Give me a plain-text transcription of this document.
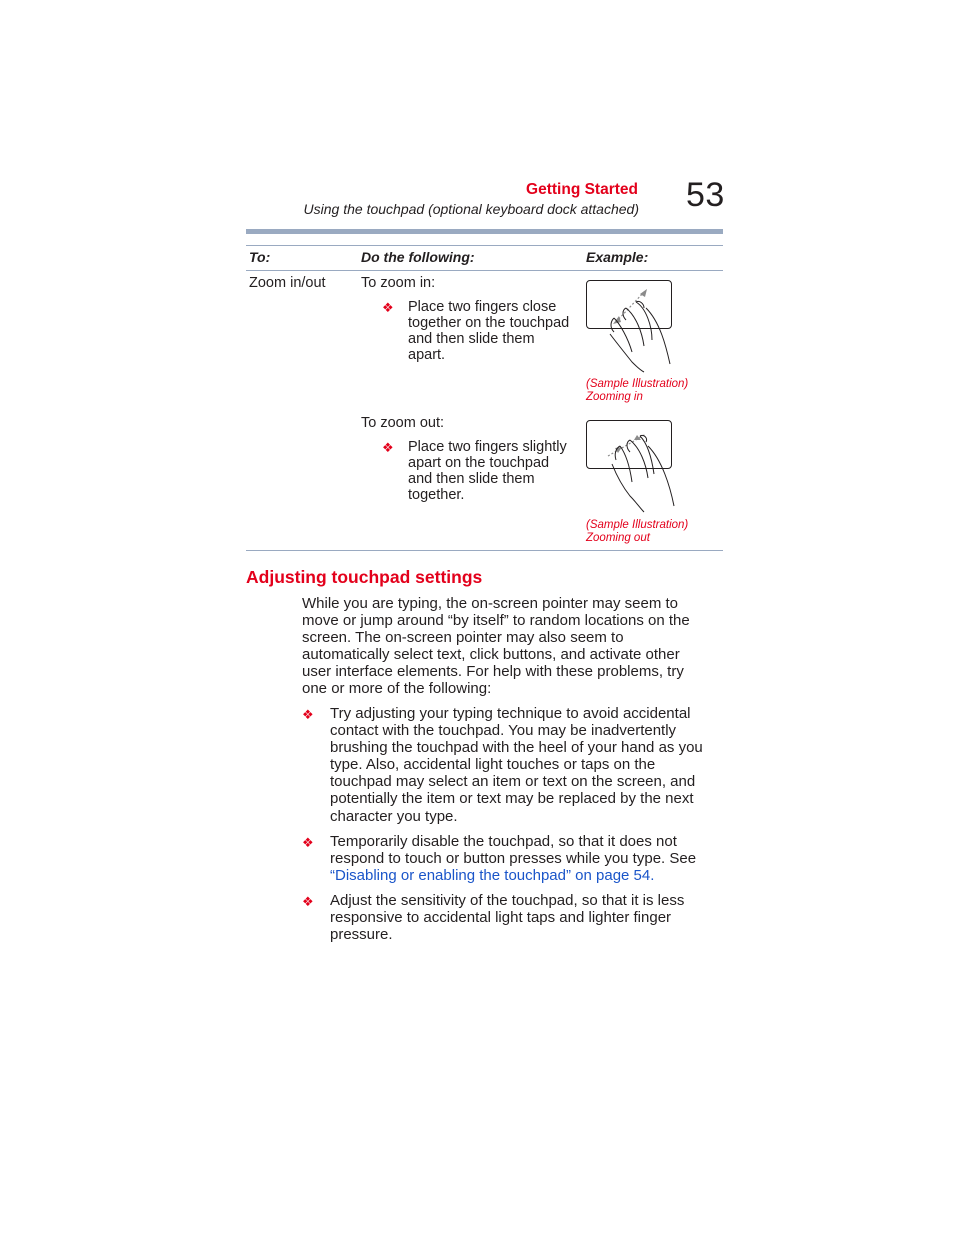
Getting Started
Using the touchpad (optional keyboard dock attached) 53
To:	Do the following:	Example:
Zoom in/out To zoom in:
❖ Place two fingers close
together on the touchpad
and then slide them
apart.
(Sample Illustration)
Zooming in
To zoom out:
❖ Place two fingers slightly
apart on the touchpad
and then slide them
together.
(Sample Illustration)
Zooming out
Adjusting touchpad settings
While you are typing, the on-screen pointer may seem to
move or jump around “by itself” to random locations on the
screen. The on-screen pointer may also seem to
automatically select text, click buttons, and activate other
user interface elements. For help with these problems, try
one or more of the following:
❖ Try adjusting your typing technique to avoid accidental
contact with the touchpad. You may be inadvertently
brushing the touchpad with the heel of your hand as you
type. Also, accidental light touches or taps on the
touchpad may select an item or text on the screen, and
potentially the item or text may be replaced by the next
character you type.
❖ Temporarily disable the touchpad, so that it does not
respond to touch or button presses while you type. See
“Disabling or enabling the touchpad” on page 54.
❖ Adjust the sensitivity of the touchpad, so that it is less
responsive to accidental light taps and lighter finger
pressure.
